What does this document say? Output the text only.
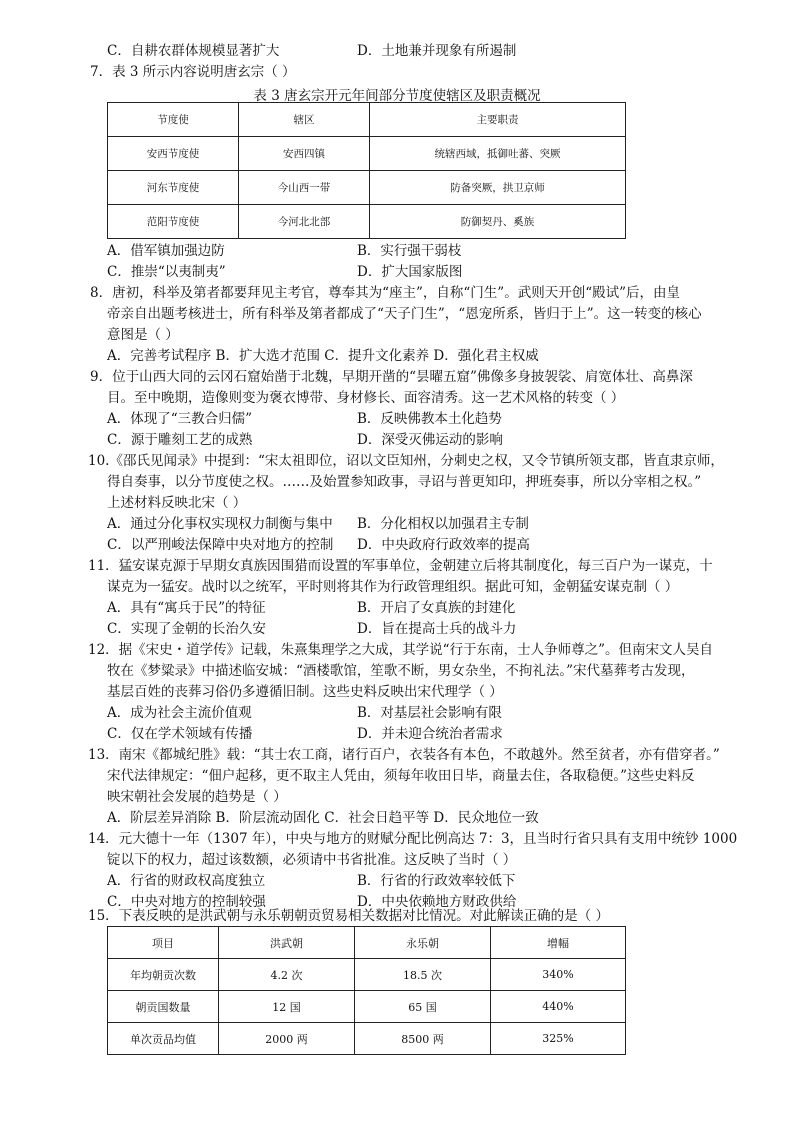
C．自耕农群体规模显著扩大	D．土地兼并现象有所遏制
7．表 3 所示内容说明唐玄宗（ ）
表 3 唐玄宗开元年间部分节度使辖区及职责概况
节度使	辖区	主要职责
安西节度使	安西四镇	统辖西域，抵御吐蕃、突厥
河东节度使	今山西一带	防备突厥，拱卫京师
范阳节度使	今河北北部	防御契丹、奚族
A．借军镇加强边防	B．实行强干弱枝
C．推崇“以夷制夷”	D．扩大国家版图
8．唐初，科举及第者都要拜见主考官，尊奉其为“座主”，自称“门生”。武则天开创“殿试”后，由皇
帝亲自出题考核进士，所有科举及第者都成了“天子门生”，“恩宠所系，皆归于上”。这一转变的核心
意图是（ ）
A．完善考试程序 B．扩大选才范围 C．提升文化素养 D．强化君主权威
9．位于山西大同的云冈石窟始凿于北魏，早期开凿的“昙曜五窟”佛像多身披袈裟、肩宽体壮、高鼻深
目。至中晚期，造像则变为褒衣博带、身材修长、面容清秀。这一艺术风格的转变（ ）
A．体现了“三教合归儒”	B．反映佛教本土化趋势
C．源于雕刻工艺的成熟	D．深受灭佛运动的影响
10.《邵氏见闻录》中提到：“宋太祖即位，诏以文臣知州，分刺史之权，又令节镇所领支郡，皆直隶京师，
得自奏事，以分节度使之权。……及始置参知政事，寻诏与普更知印，押班奏事，所以分宰相之权。”
上述材料反映北宋（ ）
A．通过分化事权实现权力制衡与集中 B．分化相权以加强君主专制
C．以严刑峻法保障中央对地方的控制 D．中央政府行政效率的提高
11．猛安谋克源于早期女真族因围猎而设置的军事单位，金朝建立后将其制度化，每三百户为一谋克，十
谋克为一猛安。战时以之统军，平时则将其作为行政管理组织。据此可知，金朝猛安谋克制（ ）
A．具有“寓兵于民”的特征	B．开启了女真族的封建化
C．实现了金朝的长治久安	D．旨在提高士兵的战斗力
12．据《宋史・道学传》记载，朱熹集理学之大成，其学说“行于东南，士人争师尊之”。但南宋文人吴自
牧在《梦粱录》中描述临安城：“酒楼歌馆，笙歌不断，男女杂坐，不拘礼法。”宋代墓葬考古发现，
基层百姓的丧葬习俗仍多遵循旧制。这些史料反映出宋代理学（ ）
A．成为社会主流价值观	B．对基层社会影响有限
C．仅在学术领域有传播	D．并未迎合统治者需求
13．南宋《都城纪胜》载：“其士农工商，诸行百户，衣装各有本色，不敢越外。然至贫者，亦有借穿者。”
宋代法律规定：“佃户起移，更不取主人凭由，须每年收田日毕，商量去住，各取稳便。”这些史料反
映宋朝社会发展的趋势是（ ）
A．阶层差异消除 B．阶层流动固化 C．社会日趋平等 D．民众地位一致
14．元大德十一年（1307 年），中央与地方的财赋分配比例高达 7：3，且当时行省只具有支用中统钞 1000
锭以下的权力，超过该数额，必须请中书省批准。这反映了当时（ ）
A．行省的财政权高度独立	B．行省的行政效率较低下
C．中央对地方的控制较强	D．中央依赖地方财政供给
15．下表反映的是洪武朝与永乐朝朝贡贸易相关数据对比情况。对此解读正确的是（ ）
项目	洪武朝	永乐朝	增幅
年均朝贡次数	4.2 次	18.5 次	340%
朝贡国数量	12 国	65 国	440%
单次贡品均值	2000 两	8500 两	325%
